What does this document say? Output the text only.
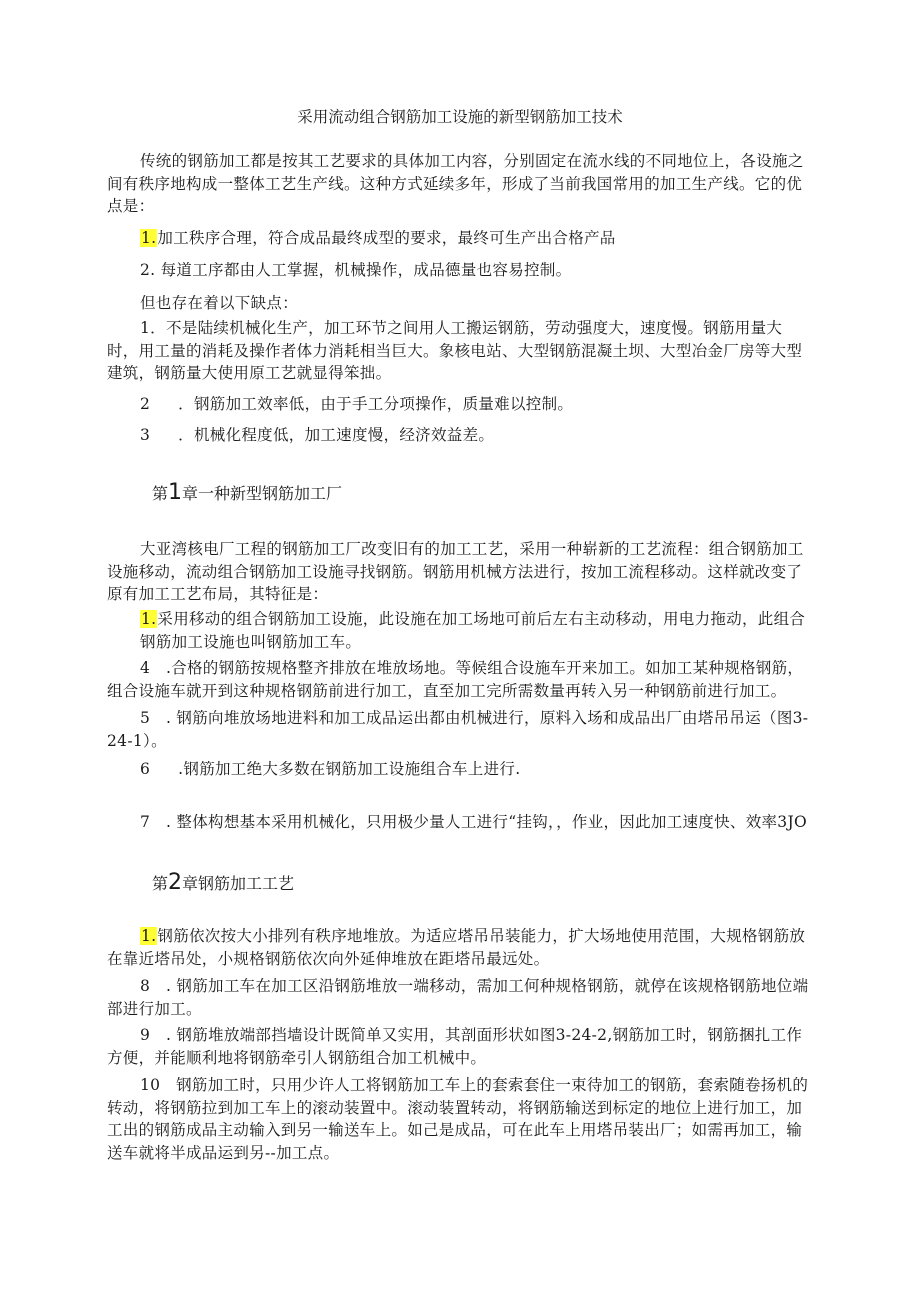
采用流动组合钢筋加工设施的新型钢筋加工技术

传统的钢筋加工都是按其工艺要求的具体加工内容，分别固定在流水线的不同地位上，各设施之间有秩序地构成一整体工艺生产线。这种方式延续多年，形成了当前我国常用的加工生产线。它的优点是：

1.加工秩序合理，符合成品最终成型的要求，最终可生产出合格产品

2. 每道工序都由人工掌握，机械操作，成品德量也容易控制。

但也存在着以下缺点：

1．不是陆续机械化生产，加工环节之间用人工搬运钢筋，劳动强度大，速度慢。钢筋用量大时，用工量的消耗及操作者体力消耗相当巨大。象核电站、大型钢筋混凝土坝、大型冶金厂房等大型建筑，钢筋量大使用原工艺就显得笨拙。

2 ．钢筋加工效率低，由于手工分项操作，质量难以控制。

3 ．机械化程度低，加工速度慢，经济效益差。

第1章一种新型钢筋加工厂

大亚湾核电厂工程的钢筋加工厂改变旧有的加工工艺，采用一种崭新的工艺流程：组合钢筋加工设施移动，流动组合钢筋加工设施寻找钢筋。钢筋用机械方法进行，按加工流程移动。这样就改变了原有加工工艺布局，其特征是：

1.采用移动的组合钢筋加工设施，此设施在加工场地可前后左右主动移动，用电力拖动，此组合钢筋加工设施也叫钢筋加工车。

4　.合格的钢筋按规格整齐排放在堆放场地。等候组合设施车开来加工。如加工某种规格钢筋，组合设施车就开到这种规格钢筋前进行加工，直至加工完所需数量再转入另一种钢筋前进行加工。

5　. 钢筋向堆放场地进料和加工成品运出都由机械进行，原料入场和成品出厂由塔吊吊运（图3-24-1）。

6 .钢筋加工绝大多数在钢筋加工设施组合车上进行.

7　. 整体构想基本采用机械化，只用极少量人工进行“挂钩，，作业，因此加工速度快、效率3JO

第2章钢筋加工工艺

1.钢筋依次按大小排列有秩序地堆放。为适应塔吊吊装能力，扩大场地使用范围，大规格钢筋放在靠近塔吊处，小规格钢筋依次向外延伸堆放在距塔吊最远处。

8　. 钢筋加工车在加工区沿钢筋堆放一端移动，需加工何种规格钢筋，就停在该规格钢筋地位端部进行加工。

9　. 钢筋堆放端部挡墙设计既简单又实用，其剖面形状如图3-24-2,钢筋加工时，钢筋捆扎工作方便，并能顺利地将钢筋牵引人钢筋组合加工机械中。

10　钢筋加工时，只用少许人工将钢筋加工车上的套索套住一束待加工的钢筋，套索随卷扬机的转动，将钢筋拉到加工车上的滚动装置中。滚动装置转动，将钢筋输送到标定的地位上进行加工，加工出的钢筋成品主动输入到另一输送车上。如己是成品，可在此车上用塔吊装出厂；如需再加工，输送车就将半成品运到另--加工点。
